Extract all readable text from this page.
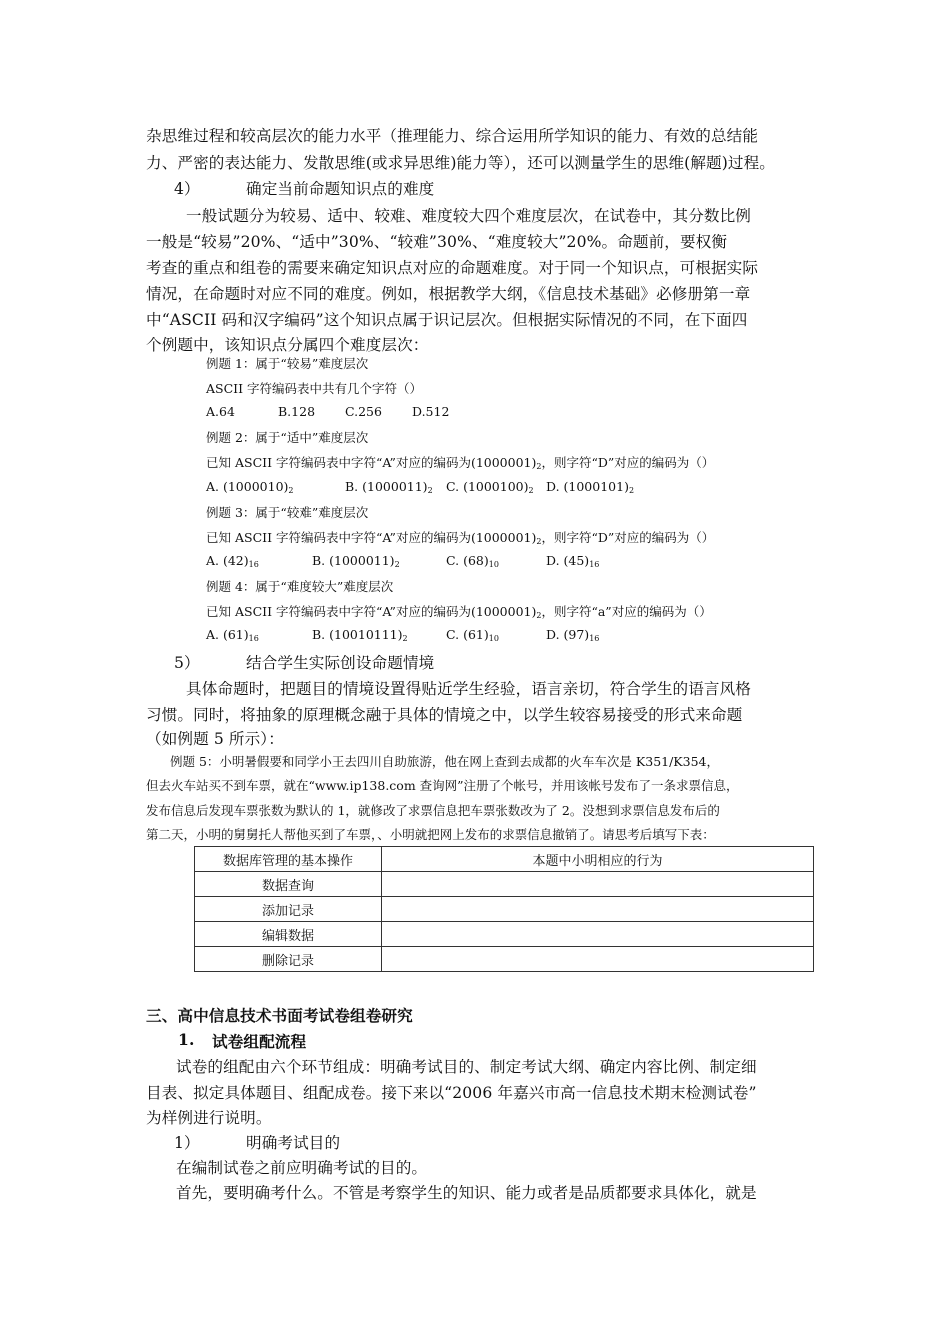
杂思维过程和较高层次的能力水平（推理能力、综合运用所学知识的能力、有效的总结能
力、严密的表达能力、发散思维(或求异思维)能力等），还可以测量学生的思维(解题)过程。
4）	确定当前命题知识点的难度
一般试题分为较易、适中、较难、难度较大四个难度层次，在试卷中，其分数比例
一般是“较易”20%、“适中”30%、“较难”30%、“难度较大”20%。命题前，要权衡
考查的重点和组卷的需要来确定知识点对应的命题难度。对于同一个知识点，可根据实际
情况，在命题时对应不同的难度。例如，根据教学大纲，《信息技术基础》必修册第一章
中“ASCII 码和汉字编码”这个知识点属于识记层次。但根据实际情况的不同，在下面四
个例题中，该知识点分属四个难度层次：
例题 1：属于“较易”难度层次
ASCII 字符编码表中共有几个字符（）
A.64	B.128 C.256 D.512
例题 2：属于“适中”难度层次
已知 ASCII 字符编码表中字符“A”对应的编码为$(1000001)_2$，则字符“D”对应的编码为（）
A. $(1000010)_2$	B. $(1000011)_2$ C. $(1000100)_2$ D. $(1000101)_2$
例题 3：属于“较难”难度层次
已知 ASCII 字符编码表中字符“A”对应的编码为$(1000001)_2$，则字符“D”对应的编码为（）
A. $(42)_{16}$	B. $(1000011)_2$	C. $(68)_{10}$	D. $(45)_{16}$
例题 4：属于“难度较大”难度层次
已知 ASCII 字符编码表中字符“A”对应的编码为$(1000001)_2$，则字符“a”对应的编码为（）
A. $(61)_{16}$	B. $(10010111)_2$	C. $(61)_{10}$	D. $(97)_{16}$
5）	结合学生实际创设命题情境
具体命题时，把题目的情境设置得贴近学生经验，语言亲切，符合学生的语言风格
习惯。同时，将抽象的原理概念融于具体的情境之中，以学生较容易接受的形式来命题
（如例题 5 所示）：
例题 5：小明暑假要和同学小王去四川自助旅游，他在网上查到去成都的火车车次是 K351/K354，
但去火车站买不到车票，就在“www.ip138.com 查询网”注册了个帐号，并用该帐号发布了一条求票信息，
发布信息后发现车票张数为默认的 1，就修改了求票信息把车票张数改为了 2。没想到求票信息发布后的
第二天，小明的舅舅托人帮他买到了车票，、小明就把网上发布的求票信息撤销了。请思考后填写下表：
数据库管理的基本操作	本题中小明相应的行为
数据查询	
添加记录	
编辑数据	
删除记录	
三、高中信息技术书面考试卷组卷研究
1. 试卷组配流程
试卷的组配由六个环节组成：明确考试目的、制定考试大纲、确定内容比例、制定细
目表、拟定具体题目、组配成卷。接下来以“2006 年嘉兴市高一信息技术期末检测试卷”
为样例进行说明。
1）	明确考试目的
在编制试卷之前应明确考试的目的。
首先，要明确考什么。不管是考察学生的知识、能力或者是品质都要求具体化，就是
